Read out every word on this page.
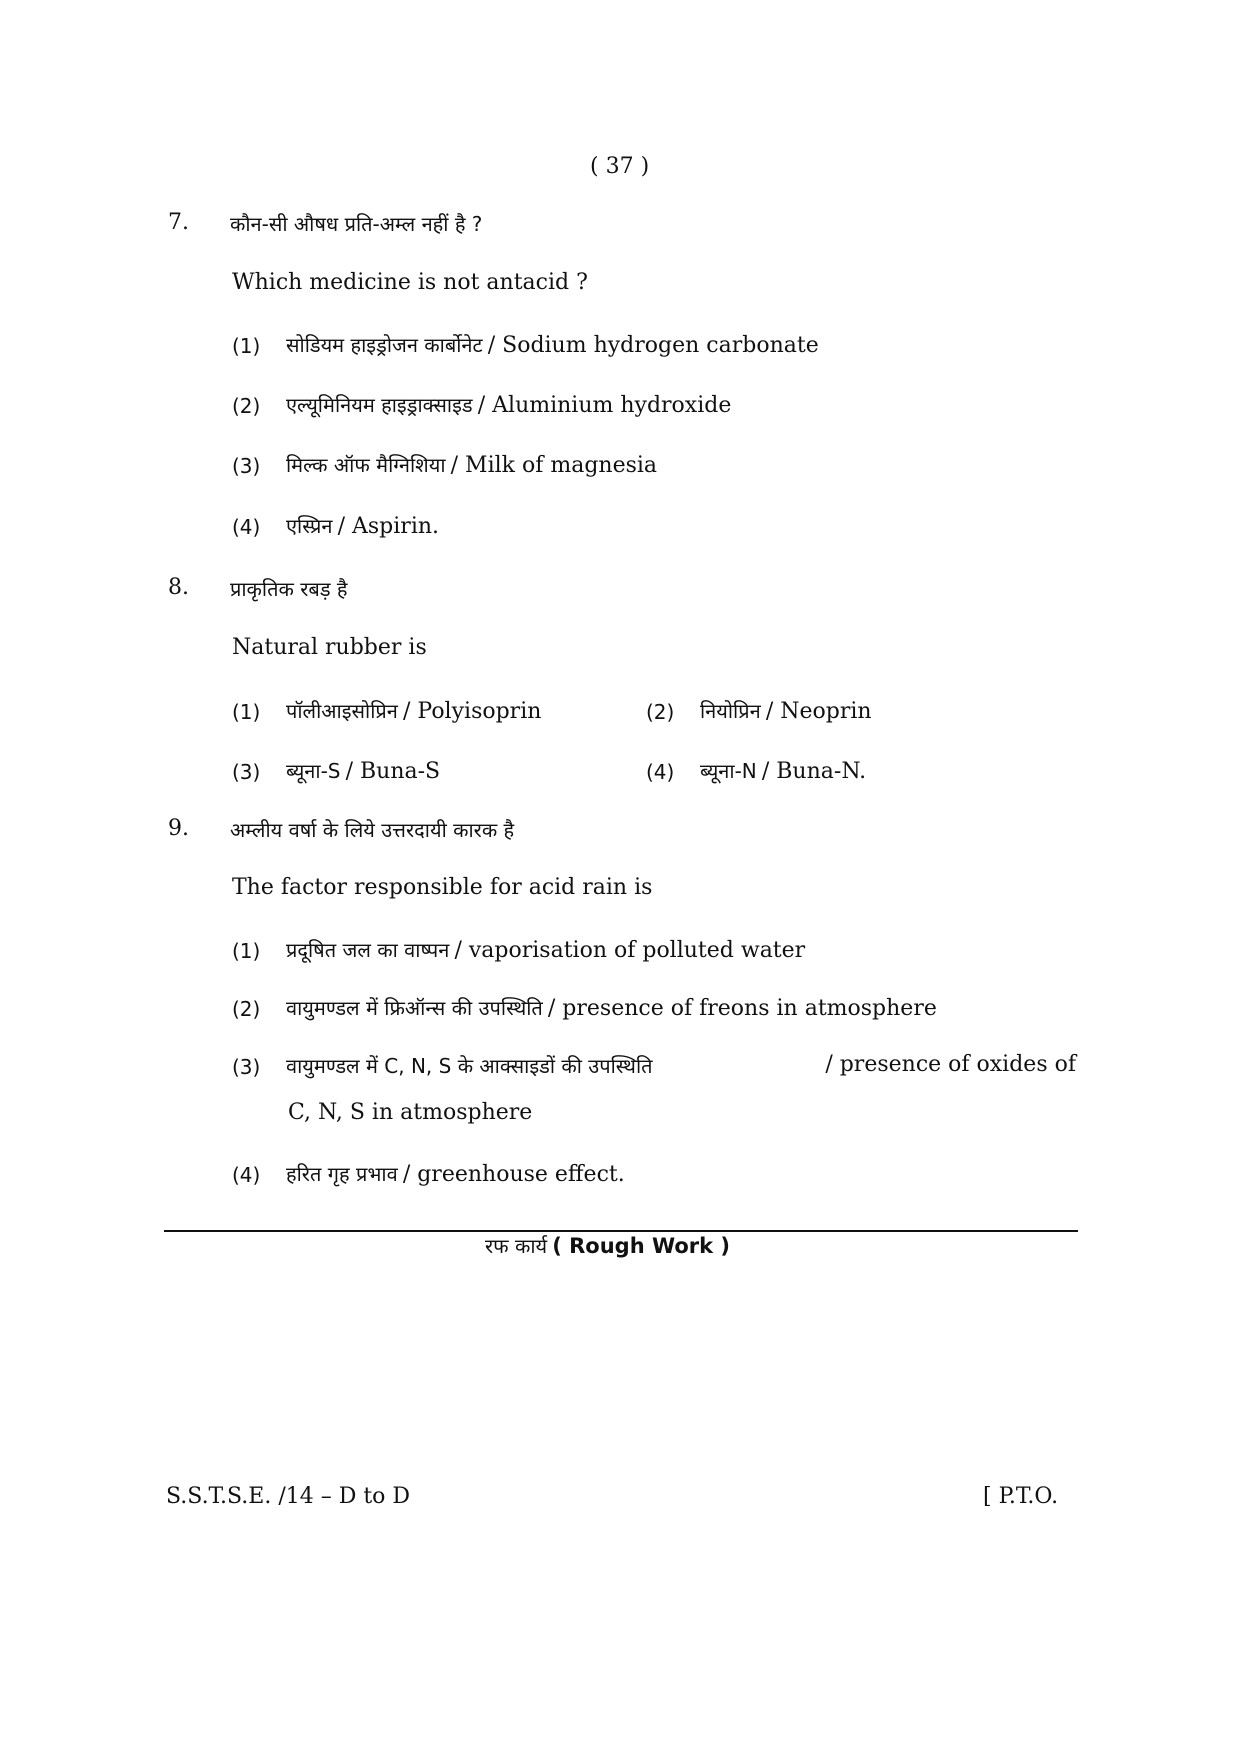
( 37 )
7. कौन-सी औषध प्रति-अम्ल नहीं है ?
Which medicine is not antacid ?
(1) सोडियम हाइड्रोजन कार्बोनेट / Sodium hydrogen carbonate
(2) एल्यूमिनियम हाइड्राक्साइड / Aluminium hydroxide
(3) मिल्क ऑफ मैग्निशिया / Milk of magnesia
(4) एस्प्रिन / Aspirin.
8. प्राकृतिक रबड़ है
Natural rubber is
(1) पॉलीआइसोप्रिन / Polyisoprin	(2) नियोप्रिन / Neoprin
(3) ब्यूना-S / Buna-S	(4) ब्यूना-N / Buna-N.
9. अम्लीय वर्षा के लिये उत्तरदायी कारक है
The factor responsible for acid rain is
(1) प्रदूषित जल का वाष्पन / vaporisation of polluted water
(2) वायुमण्डल में फ्रिऑन्स की उपस्थिति / presence of freons in atmosphere
(3) वायुमण्डल में C, N, S के आक्साइडों की उपस्थिति	/ presence of oxides of
C, N, S in atmosphere
(4) हरित गृह प्रभाव / greenhouse effect.
रफ कार्य ( Rough Work )
S.S.T.S.E. /14 – D to D	[ P.T.O.
